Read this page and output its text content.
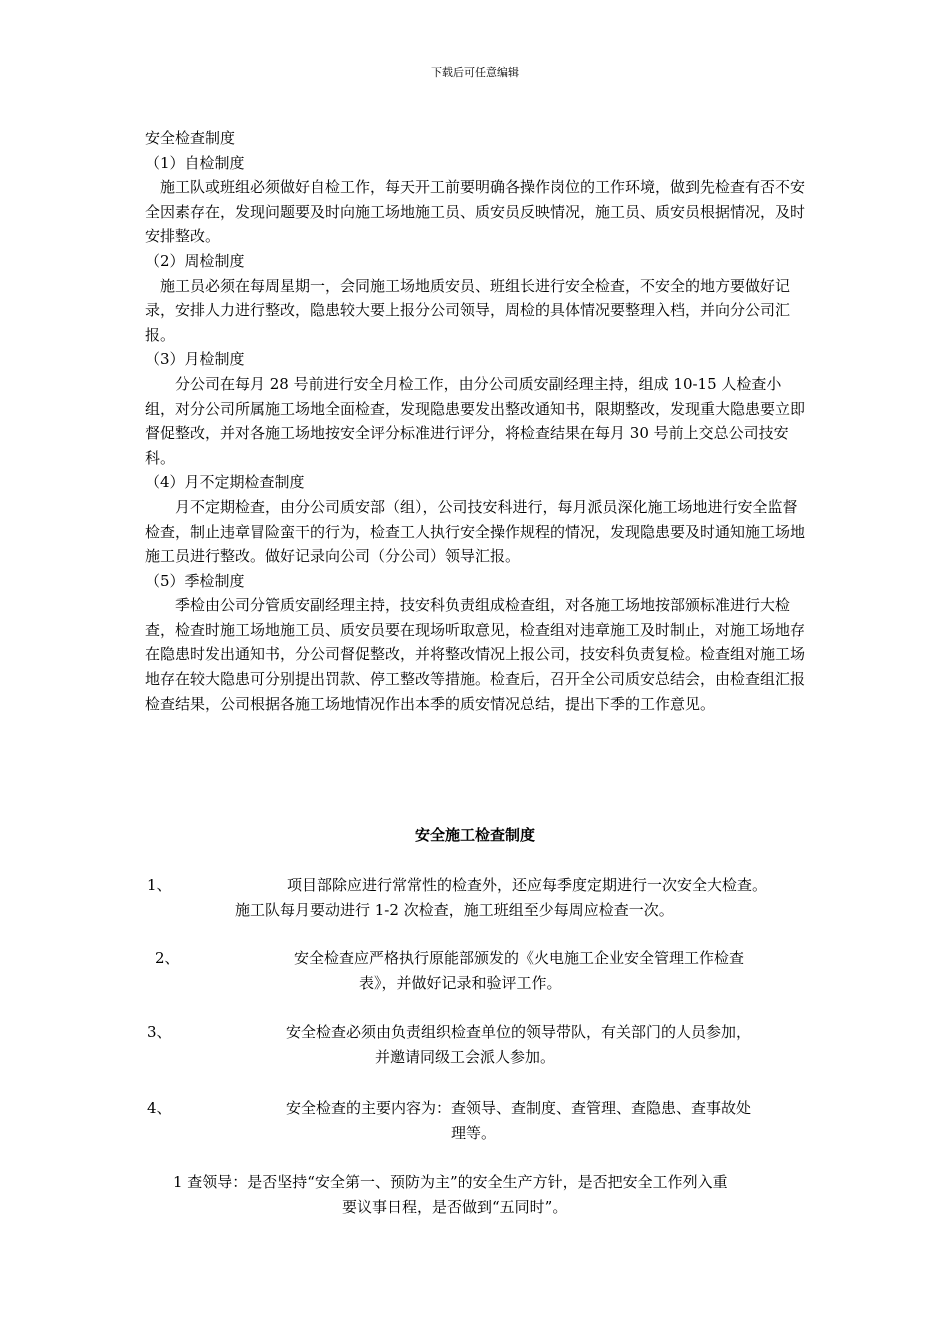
下载后可任意编辑

安全检查制度

（1）自检制度

施工队或班组必须做好自检工作，每天开工前要明确各操作岗位的工作环境，做到先检查有否不安全因素存在，发现问题要及时向施工场地施工员、质安员反映情况，施工员、质安员根据情况，及时安排整改。

（2）周检制度

施工员必须在每周星期一，会同施工场地质安员、班组长进行安全检查，不安全的地方要做好记录，安排人力进行整改，隐患较大要上报分公司领导，周检的具体情况要整理入档，并向分公司汇报。

（3）月检制度

分公司在每月 28 号前进行安全月检工作，由分公司质安副经理主持，组成 10-15 人检查小组，对分公司所属施工场地全面检查，发现隐患要发出整改通知书，限期整改，发现重大隐患要立即督促整改，并对各施工场地按安全评分标准进行评分，将检查结果在每月 30 号前上交总公司技安科。

（4）月不定期检查制度

月不定期检查，由分公司质安部（组），公司技安科进行，每月派员深化施工场地进行安全监督检查，制止违章冒险蛮干的行为，检查工人执行安全操作规程的情况，发现隐患要及时通知施工场地施工员进行整改。做好记录向公司（分公司）领导汇报。

（5）季检制度

季检由公司分管质安副经理主持，技安科负责组成检查组，对各施工场地按部颁标准进行大检查，检查时施工场地施工员、质安员要在现场听取意见，检查组对违章施工及时制止，对施工场地存在隐患时发出通知书，分公司督促整改，并将整改情况上报公司，技安科负责复检。检查组对施工场地存在较大隐患可分别提出罚款、停工整改等措施。检查后，召开全公司质安总结会，由检查组汇报检查结果，公司根据各施工场地情况作出本季的质安情况总结，提出下季的工作意见。

安全施工检查制度
1、	项目部除应进行常常性的检查外，还应每季度定期进行一次安全大检查。
施工队每月要动进行 1-2 次检查，施工班组至少每周应检查一次。
2、	安全检查应严格执行原能部颁发的《火电施工企业安全管理工作检查
表》，并做好记录和验评工作。
3、	安全检查必须由负责组织检查单位的领导带队，有关部门的人员参加，
并邀请同级工会派人参加。
4、	安全检查的主要内容为：查领导、查制度、查管理、查隐患、查事故处
理等。
1 查领导：是否坚持“安全第一、预防为主”的安全生产方针，是否把安全工作列入重
要议事日程，是否做到“五同时”。
